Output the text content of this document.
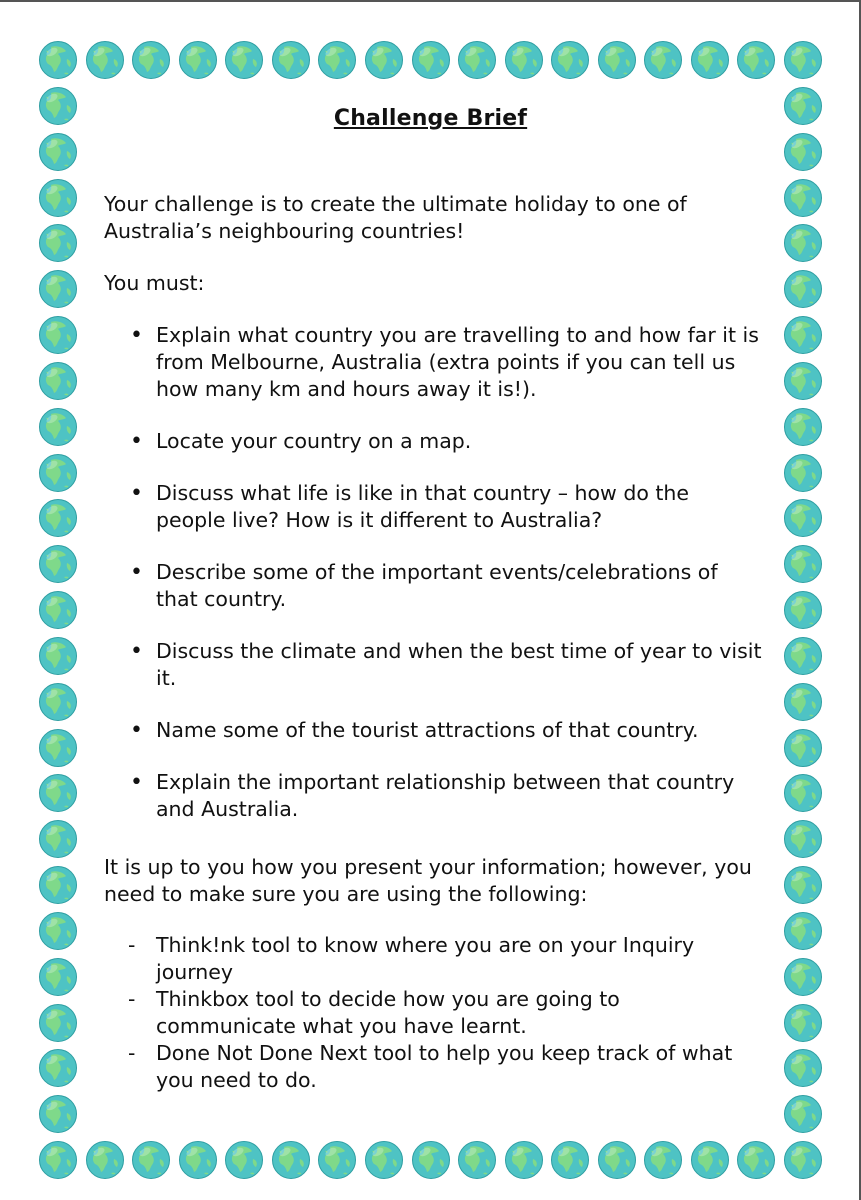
Challenge Brief
Your challenge is to create the ultimate holiday to one of Australia’s neighbouring countries!
You must:
• Explain what country you are travelling to and how far it is from Melbourne, Australia (extra points if you can tell us how many km and hours away it is!).
• Locate your country on a map.
• Discuss what life is like in that country – how do the people live? How is it different to Australia?
• Describe some of the important events/celebrations of that country.
• Discuss the climate and when the best time of year to visit it.
• Name some of the tourist attractions of that country.
• Explain the important relationship between that country and Australia.
It is up to you how you present your information; however, you need to make sure you are using the following:
- Think!nk tool to know where you are on your Inquiry journey
- Thinkbox tool to decide how you are going to communicate what you have learnt.
- Done Not Done Next tool to help you keep track of what you need to do.
